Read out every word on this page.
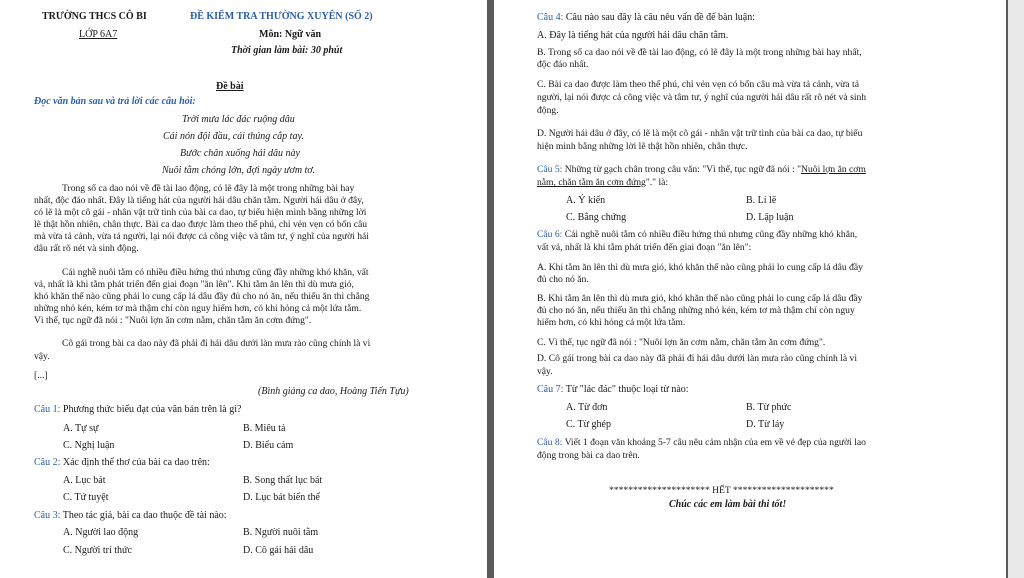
TRƯỜNG THCS CÔ BI	ĐỀ KIỂM TRA THƯỜNG XUYÊN (SỐ 2)
LỚP 6A7	Môn: Ngữ văn
Thời gian làm bài: 30 phút
Đề bài
Đọc văn bản sau và trả lời các câu hỏi:
Trời mưa lác đác ruộng dâu
Cái nón đội đầu, cái thúng cắp tay.
Bước chân xuống hái dâu này
Nuôi tằm chóng lớn, đợi ngày ươm tơ.
Trong số ca dao nói về đề tài lao động, có lẽ đây là một trong những bài hay
nhất, độc đáo nhất. Đây là tiếng hát của người hái dâu chăn tằm. Người hái dâu ở đây,
có lẽ là một cô gái - nhân vật trữ tình của bài ca dao, tự biểu hiện mình bằng những lời
lẽ thật hồn nhiên, chân thực. Bài ca dao được làm theo thể phú, chỉ vẻn vẹn có bốn câu
mà vừa tả cảnh, vừa tả người, lại nói được cả công việc và tâm tư, ý nghĩ của người hái
dâu rất rõ nét và sinh động.
Cái nghề nuôi tằm có nhiều điều hứng thú nhưng cũng đầy những khó khăn, vất
vả, nhất là khi tằm phát triển đến giai đoạn "ăn lên". Khi tằm ăn lên thì dù mưa gió,
khó khăn thế nào cũng phải lo cung cấp lá dâu đầy đủ cho nó ăn, nếu thiếu ăn thì chẳng
những nhỏ kén, kém tơ mà thậm chí còn nguy hiểm hơn, có khi hỏng cả một lứa tằm.
Vì thế, tục ngữ đã nói : "Nuôi lợn ăn cơm nằm, chăn tằm ăn cơm đứng".
Cô gái trong bài ca dao này đã phải đi hái dâu dưới làn mưa rào cũng chính là vì
vậy.
[...]
(Bình giảng ca dao, Hoàng Tiến Tựu)
Câu 1: Phương thức biểu đạt của văn bản trên là gì?
A. Tự sự	B. Miêu tả
C. Nghị luận	D. Biểu cảm
Câu 2: Xác định thể thơ của bài ca dao trên:
A. Lục bát	B. Song thất lục bát
C. Tứ tuyệt	D. Lục bát biến thể
Câu 3: Theo tác giả, bài ca dao thuộc đề tài nào:
A. Người lao động	B. Người nuôi tằm
C. Người trí thức	D. Cô gái hái dâu
Câu 4: Câu nào sau đây là câu nêu vấn đề để bàn luận:
A. Đây là tiếng hát của người hái dâu chăn tằm.
B. Trong số ca dao nói về đề tài lao động, có lẽ đây là một trong những bài hay nhất,
độc đáo nhất.
C. Bài ca dao được làm theo thể phú, chỉ vẻn vẹn có bốn câu mà vừa tả cảnh, vừa tả
người, lại nói được cả công việc và tâm tư, ý nghĩ của người hái dâu rất rõ nét và sinh
động.
D. Người hái dâu ở đây, có lẽ là một cô gái - nhân vật trữ tình của bài ca dao, tự biểu
hiện mình bằng những lời lẽ thật hồn nhiên, chân thực.
Câu 5: Những từ gạch chân trong câu văn: "Vì thế, tục ngữ đã nói : "Nuôi lợn ăn cơm
nằm, chăn tằm ăn cơm đứng"." là:
A. Ý kiến	B. Lí lẽ
C. Bằng chứng	D. Lập luận
Câu 6: Cái nghề nuôi tằm có nhiều điều hứng thú nhưng cũng đầy những khó khăn,
vất vả, nhất là khi tằm phát triển đến giai đoạn "ăn lên":
A. Khi tằm ăn lên thì dù mưa gió, khó khăn thế nào cũng phải lo cung cấp lá dâu đầy
đủ cho nó ăn.
B. Khi tằm ăn lên thì dù mưa gió, khó khăn thế nào cũng phải lo cung cấp lá dâu đầy
đủ cho nó ăn, nếu thiếu ăn thì chẳng những nhỏ kén, kém tơ mà thậm chí còn nguy
hiểm hơn, có khi hỏng cả một lứa tằm.
C. Vì thế, tục ngữ đã nói : "Nuôi lợn ăn cơm nằm, chăn tằm ăn cơm đứng".
D. Cô gái trong bài ca dao này đã phải đi hái dâu dưới làn mưa rào cũng chính là vì
vậy.
Câu 7: Từ "lác đác" thuộc loại từ nào:
A. Từ đơn	B. Từ phức
C. Từ ghép	D. Từ láy
Câu 8: Viết 1 đoạn văn khoảng 5-7 câu nêu cảm nhận của em về vẻ đẹp của người lao
động trong bài ca dao trên.
********************* HẾT *********************
Chúc các em làm bài thi tốt!
